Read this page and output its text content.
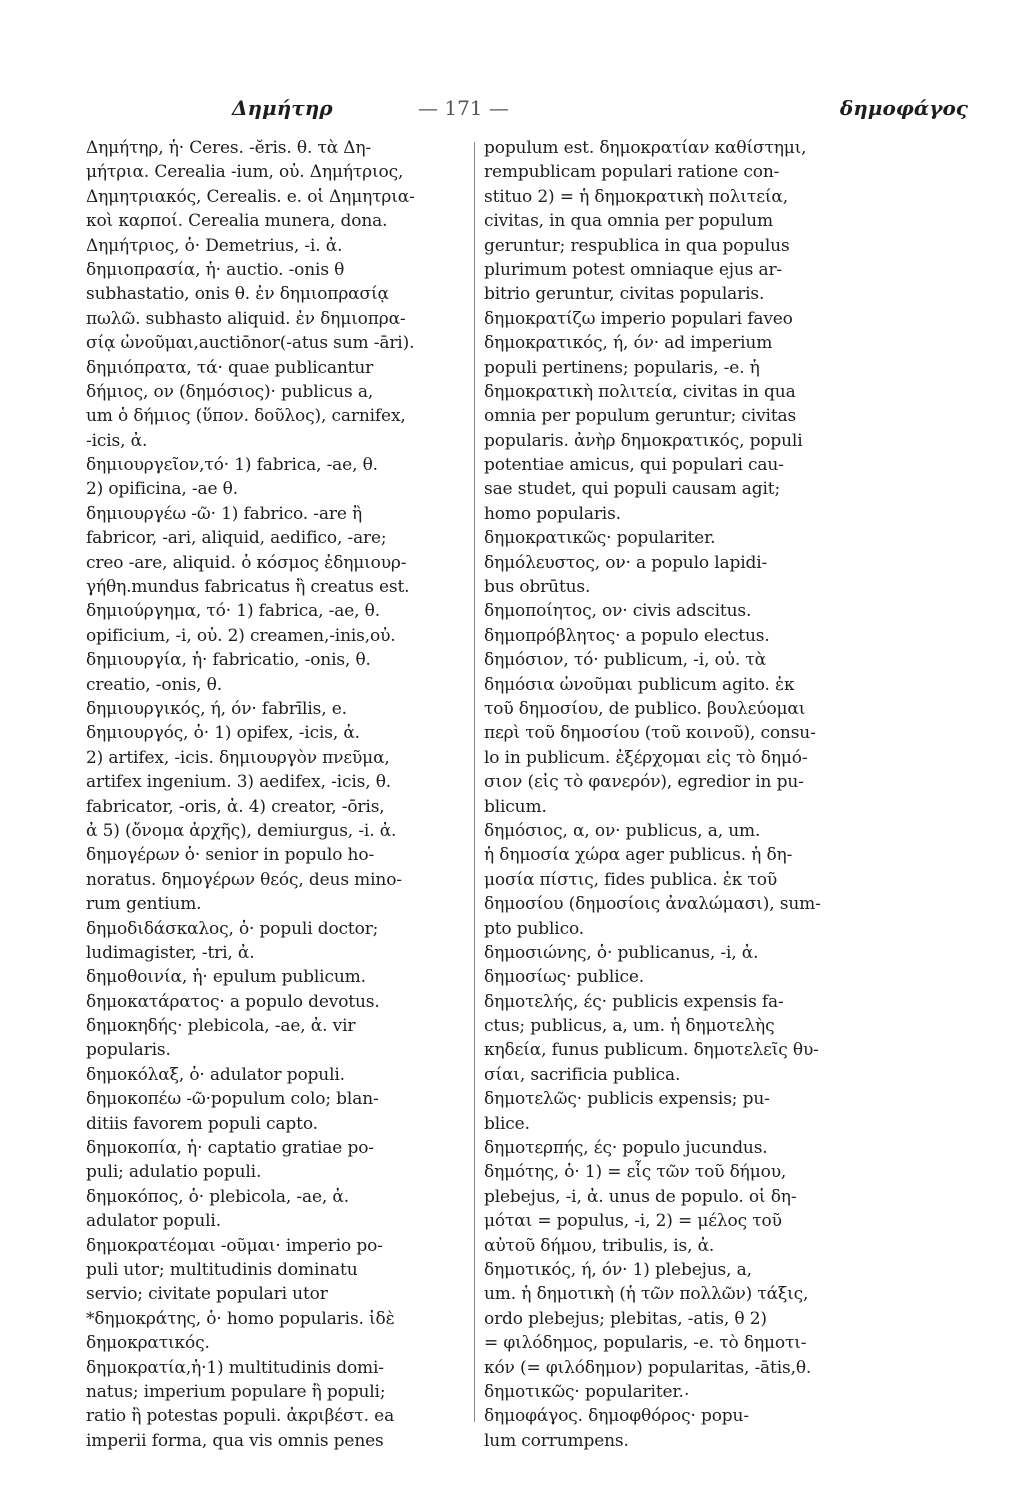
Δημήτηρ	— 171 —	δημοφάγος
Δημήτηρ, ἡ· Ceres. -ĕris. θ. τὰ Δη-
μήτρια. Cerealia -ium, οὐ. Δημήτριος,
Δημητριακός, Cerealis. e. οἱ Δημητρια-
κοὶ καρποί. Cerealia munera, dona.
Δημήτριος, ὁ· Demetrius, -i. ἀ.
δημιοπρασία, ἡ· auctio. -onis θ
subhastatio, onis θ. ἐν δημιοπρασίᾳ
πωλῶ. subhasto aliquid. ἐν δημιοπρα-
σίᾳ ὠνοῦμαι,auctiōnor(-atus sum -āri).
δημιόπρατα, τά· quae publicantur
δήμιος, ον (δημόσιος)· publicus a,
um ὁ δήμιος (ὕπον. δοῦλος), carnifex,
-icis, ἀ.
δημιουργεῖον,τό· 1) fabrica, -ae, θ.
2) opificina, -ae θ.
δημιουργέω -ῶ· 1) fabrico. -are ἢ
fabricor, -ari, aliquid, aedifico, -are;
creo -are, aliquid. ὁ κόσμος ἐδημιουρ-
γήθη.mundus fabricatus ἢ creatus est.
δημιούργημα, τό· 1) fabrica, -ae, θ.
opificium, -i, οὐ. 2) creamen,-inis,οὐ.
δημιουργία, ἡ· fabricatio, -onis, θ.
creatio, -onis, θ.
δημιουργικός, ή, όν· fabrīlis, e.
δημιουργός, ὁ· 1) opifex, -icis, ἀ.
2) artifex, -icis. δημιουργὸν πνεῦμα,
artifex ingenium. 3) aedifex, -icis, θ.
fabricator, -oris, ἀ. 4) creator, -ōris,
ἀ 5) (ὄνομα ἀρχῆς), demiurgus, -i. ἀ.
δημογέρων ὁ· senior in populo ho-
noratus. δημογέρων θεός, deus mino-
rum gentium.
δημοδιδάσκαλος, ὁ· populi doctor;
ludimagister, -tri, ἀ.
δημοθοινία, ἡ· epulum publicum.
δημοκατάρατος· a populo devotus.
δημοκηδής· plebicola, -ae, ἀ. vir
popularis.
δημοκόλαξ, ὁ· adulator populi.
δημοκοπέω -ῶ·populum colo; blan-
ditiis favorem populi capto.
δημοκοπία, ἡ· captatio gratiae po-
puli; adulatio populi.
δημοκόπος, ὁ· plebicola, -ae, ἀ.
adulator populi.
δημοκρατέομαι -οῦμαι· imperio po-
puli utor; multitudinis dominatu
servio; civitate populari utor
*δημοκράτης, ὁ· homo popularis. ἰδὲ
δημοκρατικός.
δημοκρατία,ἡ·1) multitudinis domi-
natus; imperium populare ἢ populi;
ratio ἢ potestas populi. ἀκριβέστ. ea
imperii forma, qua vis omnis penes
populum est. δημοκρατίαν καθίστημι,
rempublicam populari ratione con-
stituo 2) = ἡ δημοκρατικὴ πολιτεία,
civitas, in qua omnia per populum
geruntur; respublica in qua populus
plurimum potest omniaque ejus ar-
bitrio geruntur, civitas popularis.
δημοκρατίζω imperio populari faveo
δημοκρατικός, ή, όν· ad imperium
populi pertinens; popularis, -e. ἡ
δημοκρατικὴ πολιτεία, civitas in qua
omnia per populum geruntur; civitas
popularis. ἀνὴρ δημοκρατικός, populi
potentiae amicus, qui populari cau-
sae studet, qui populi causam agit;
homo popularis.
δημοκρατικῶς· populariter.
δημόλευστος, ον· a populo lapidi-
bus obrūtus.
δημοποίητος, ον· civis adscitus.
δημοπρόβλητος· a populo electus.
δημόσιον, τό· publicum, -i, οὐ. τὰ
δημόσια ὠνοῦμαι publicum agito. ἐκ
τοῦ δημοσίου, de publico. βουλεύομαι
περὶ τοῦ δημοσίου (τοῦ κοινοῦ), consu-
lo in publicum. ἐξέρχομαι εἰς τὸ δημό-
σιον (εἰς τὸ φανερόν), egredior in pu-
blicum.
δημόσιος, α, ον· publicus, a, um.
ἡ δημοσία χώρα ager publicus. ἡ δη-
μοσία πίστις, fides publica. ἐκ τοῦ
δημοσίου (δημοσίοις ἀναλώμασι), sum-
pto publico.
δημοσιώνης, ὁ· publicanus, -i, ἀ.
δημοσίως· publice.
δημοτελής, ές· publicis expensis fa-
ctus; publicus, a, um. ἡ δημοτελὴς
κηδεία, funus publicum. δημοτελεῖς θυ-
σίαι, sacrificia publica.
δημοτελῶς· publicis expensis; pu-
blice.
δημοτερπής, ές· populo jucundus.
δημότης, ὁ· 1) = εἷς τῶν τοῦ δήμου,
plebejus, -i, ἀ. unus de populo. οἱ δη-
μόται = populus, -i, 2) = μέλος τοῦ
αὐτοῦ δήμου, tribulis, is, ἀ.
δημοτικός, ή, όν· 1) plebejus, a,
um. ἡ δημοτικὴ (ἡ τῶν πολλῶν) τάξις,
ordo plebejus; plebitas, -atis, θ 2)
= φιλόδημος, popularis, -e. τὸ δημοτι-
κόν (= φιλόδημον) popularitas, -ātis,θ.
δημοτικῶς· populariter.
δημοφάγος. δημοφθόρος· popu-
lum corrumpens.
.
